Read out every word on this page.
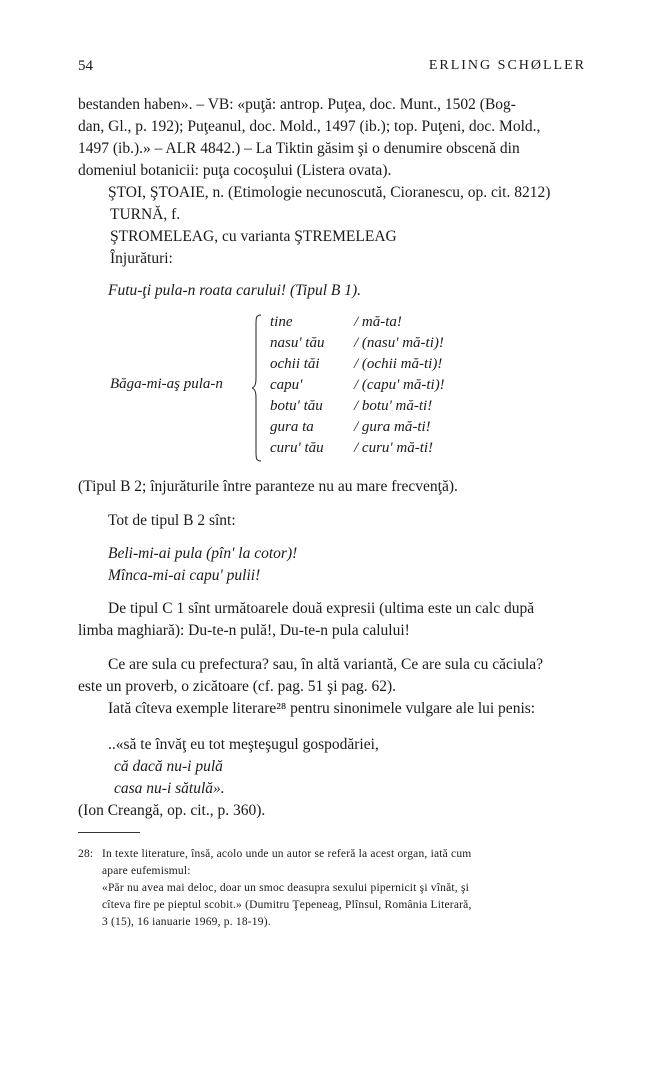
54	ERLING SCHØLLER
bestanden haben». – VB: «puţă: antrop. Puţea, doc. Munt., 1502 (Bog-
dan, Gl., p. 192); Puţeanul, doc. Mold., 1497 (ib.); top. Puţeni, doc. Mold.,
1497 (ib.).» – ALR 4842.) – La Tiktin găsim şi o denumire obscenă din
domeniul botanicii: puţa cocoşului (Listera ovata).
ŞTOI, ŞTOAIE, n. (Etimologie necunoscută, Cioranescu, op. cit. 8212)
TURNĂ, f.
ŞTROMELEAG, cu varianta ŞTREMELEAG
Înjurături:
Futu-ţi pula-n roata carului! (Tipul B 1).
Băga-mi-aş pula-n
tine	/ mă-ta!
nasu' tău / (nasu' mă-ti)!
ochii tăi / (ochii mă-ti)!
capu'	/ (capu' mă-ti)!
botu' tău / botu' mă-ti!
gura ta	/ gura mă-ti!
curu' tău / curu' mă-ti!
(Tipul B 2; înjurăturile între paranteze nu au mare frecvenţă).
Tot de tipul B 2 sînt:
Beli-mi-ai pula (pîn' la cotor)!
Mînca-mi-ai capu' pulii!
De tipul C 1 sînt următoarele două expresii (ultima este un calc după
limba maghiară): Du-te-n pulă!, Du-te-n pula calului!
Ce are sula cu prefectura? sau, în altă variantă, Ce are sula cu căciula?
este un proverb, o zicătoare (cf. pag. 51 şi pag. 62).
Iată cîteva exemple literare²⁸ pentru sinonimele vulgare ale lui penis:
..«să te învăţ eu tot meşteşugul gospodăriei,
că dacă nu-i pulă
casa nu-i sătulă».
(Ion Creangă, op. cit., p. 360).
28: In texte literature, însă, acolo unde un autor se referă la acest organ, iată cum
apare eufemismul:
«Păr nu avea mai deloc, doar un smoc deasupra sexului pipernicit şi vînăt, şi
cîteva fire pe pieptul scobit.» (Dumitru Ţepeneag, Plînsul, România Literară,
3 (15), 16 ianuarie 1969, p. 18-19).
